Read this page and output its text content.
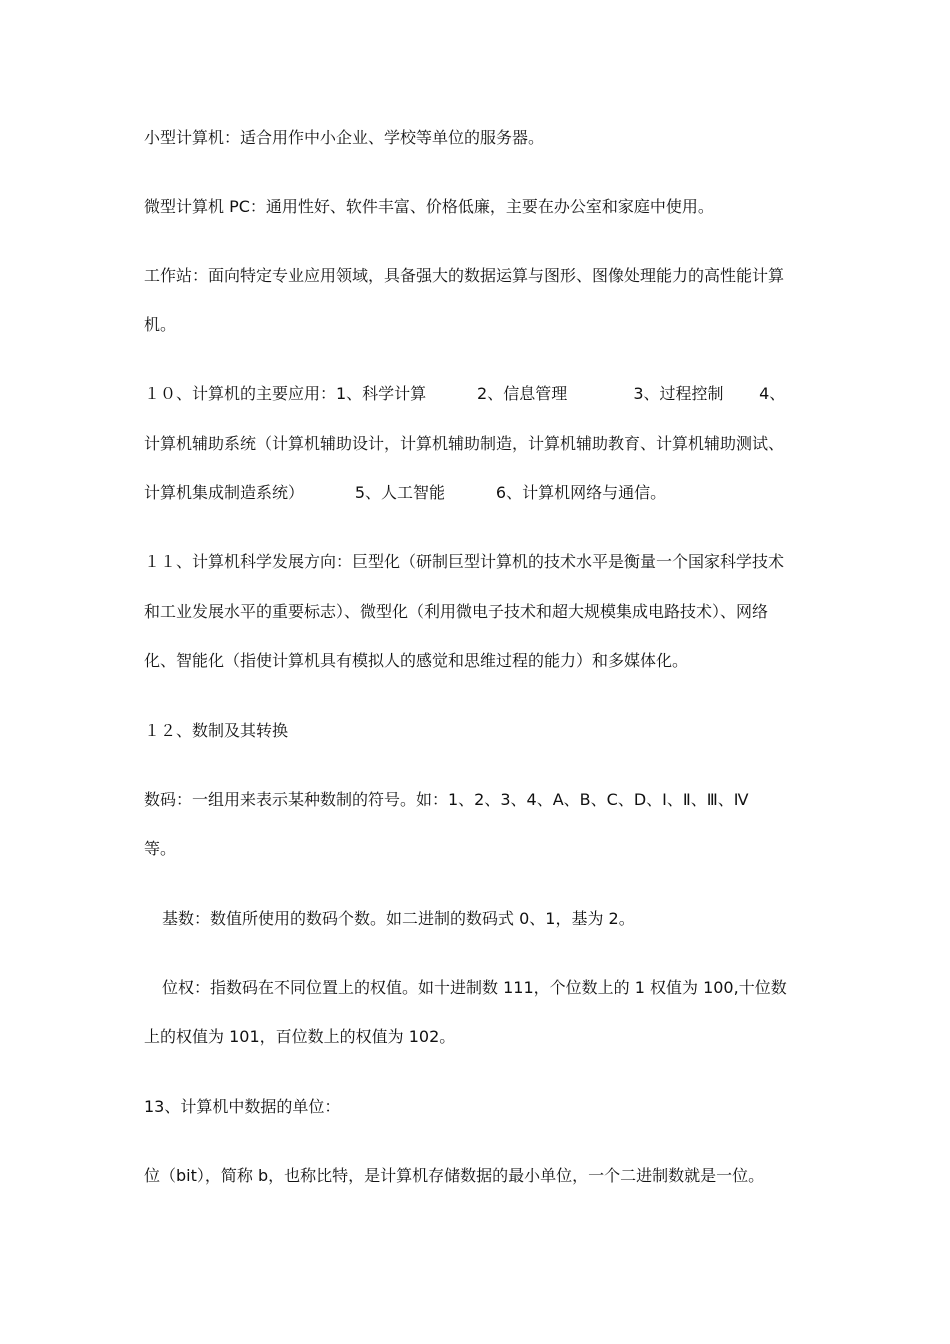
小型计算机：适合用作中小企业、学校等单位的服务器。
微型计算机 PC：通用性好、软件丰富、价格低廉，主要在办公室和家庭中使用。
工作站：面向特定专业应用领域，具备强大的数据运算与图形、图像处理能力的高性能计算
机。
１０、计算机的主要应用：1、科学计算          2、信息管理             3、过程控制       4、
计算机辅助系统（计算机辅助设计，计算机辅助制造，计算机辅助教育、计算机辅助测试、
计算机集成制造系统）          5、人工智能          6、计算机网络与通信。
１１、计算机科学发展方向：巨型化（研制巨型计算机的技术水平是衡量一个国家科学技术
和工业发展水平的重要标志）、微型化（利用微电子技术和超大规模集成电路技术）、网络
化、智能化（指使计算机具有模拟人的感觉和思维过程的能力）和多媒体化。
１２、数制及其转换
数码：一组用来表示某种数制的符号。如：1、2、3、4、A、B、C、D、Ⅰ、Ⅱ、Ⅲ、Ⅳ
等。
基数：数值所使用的数码个数。如二进制的数码式 0、1，基为 2。
位权：指数码在不同位置上的权值。如十进制数 111，个位数上的 1 权值为 100,十位数
上的权值为 101，百位数上的权值为 102。
13、计算机中数据的单位：
位（bit），简称 b，也称比特，是计算机存储数据的最小单位，一个二进制数就是一位。
